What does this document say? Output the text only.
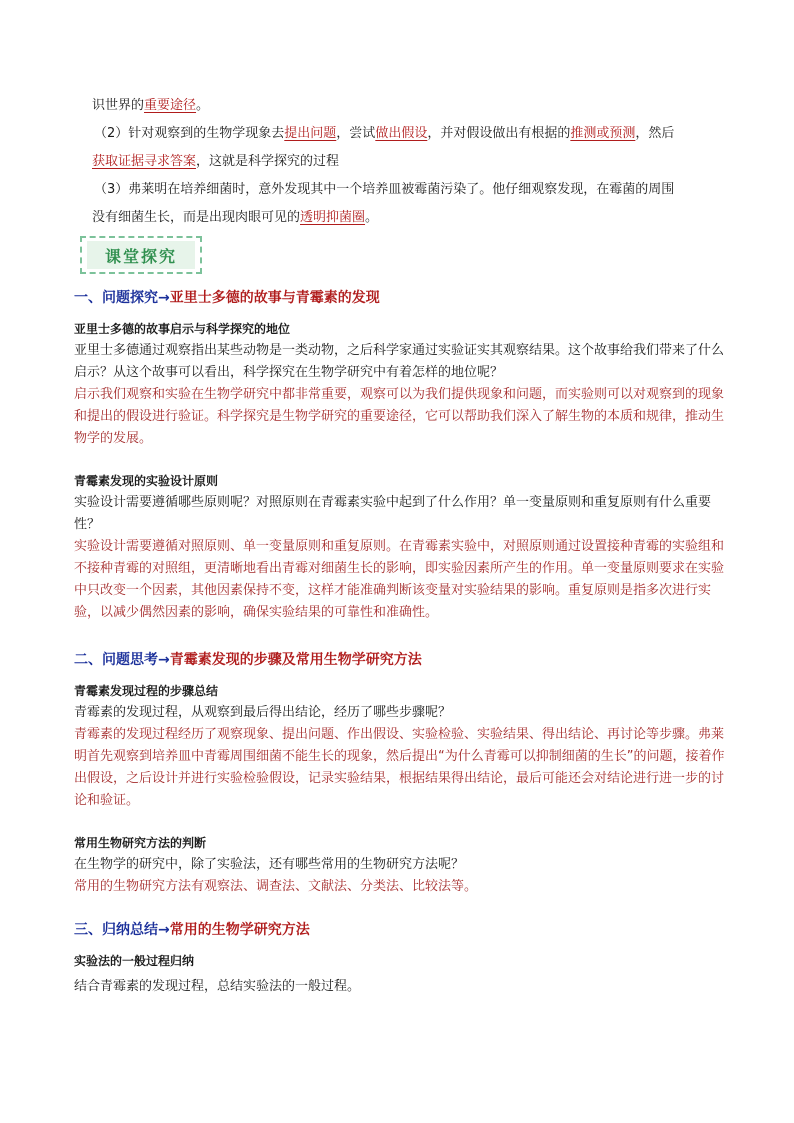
识世界的重要途径。

（2）针对观察到的生物学现象去提出问题，尝试做出假设，并对假设做出有根据的推测或预测，然后

获取证据寻求答案，这就是科学探究的过程

（3）弗莱明在培养细菌时，意外发现其中一个培养皿被霉菌污染了。他仔细观察发现，在霉菌的周围

没有细菌生长，而是出现肉眼可见的透明抑菌圈。

课堂探究
一、问题探究→亚里士多德的故事与青霉素的发现

亚里士多德的故事启示与科学探究的地位

亚里士多德通过观察指出某些动物是一类动物，之后科学家通过实验证实其观察结果。这个故事给我们带来了什么启示？从这个故事可以看出，科学探究在生物学研究中有着怎样的地位呢？

启示我们观察和实验在生物学研究中都非常重要，观察可以为我们提供现象和问题，而实验则可以对观察到的现象和提出的假设进行验证。科学探究是生物学研究的重要途径，它可以帮助我们深入了解生物的本质和规律，推动生物学的发展。

青霉素发现的实验设计原则

实验设计需要遵循哪些原则呢？对照原则在青霉素实验中起到了什么作用？单一变量原则和重复原则有什么重要性？

实验设计需要遵循对照原则、单一变量原则和重复原则。在青霉素实验中，对照原则通过设置接种青霉的实验组和不接种青霉的对照组，更清晰地看出青霉对细菌生长的影响，即实验因素所产生的作用。单一变量原则要求在实验中只改变一个因素，其他因素保持不变，这样才能准确判断该变量对实验结果的影响。重复原则是指多次进行实验，以减少偶然因素的影响，确保实验结果的可靠性和准确性。

二、问题思考→青霉素发现的步骤及常用生物学研究方法

青霉素发现过程的步骤总结

青霉素的发现过程，从观察到最后得出结论，经历了哪些步骤呢？

青霉素的发现过程经历了观察现象、提出问题、作出假设、实验检验、实验结果、得出结论、再讨论等步骤。弗莱明首先观察到培养皿中青霉周围细菌不能生长的现象，然后提出“为什么青霉可以抑制细菌的生长”的问题，接着作出假设，之后设计并进行实验检验假设，记录实验结果，根据结果得出结论，最后可能还会对结论进行进一步的讨论和验证。

常用生物研究方法的判断

在生物学的研究中，除了实验法，还有哪些常用的生物研究方法呢？

常用的生物研究方法有观察法、调查法、文献法、分类法、比较法等。

三、归纳总结→常用的生物学研究方法

实验法的一般过程归纳

结合青霉素的发现过程，总结实验法的一般过程。
